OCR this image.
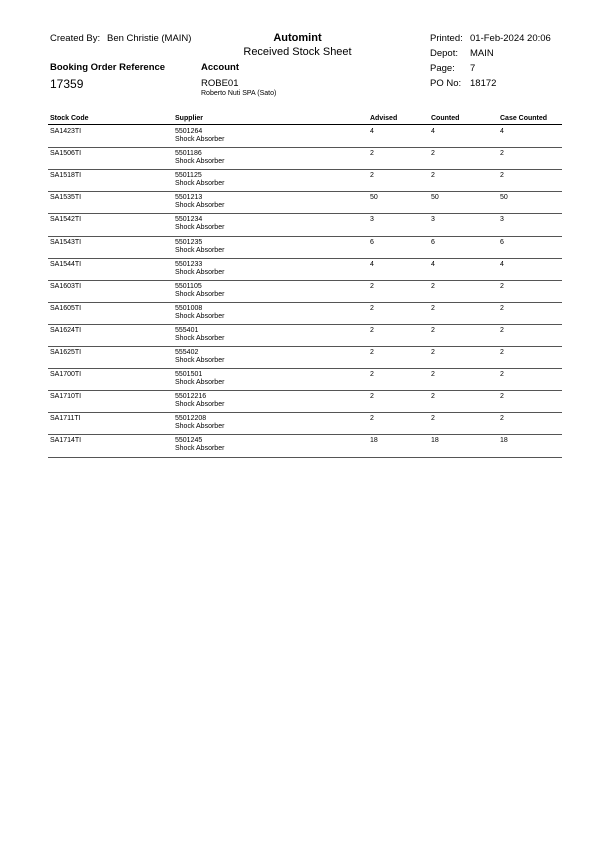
Created By: Ben Christie (MAIN)	Automint
Received Stock Sheet
Printed: 01-Feb-2024 20:06
Depot: MAIN
Page: 7
PO No: 18172
Booking Order Reference
17359
Account
ROBE01
Roberto Nuti SPA (Sato)
Stock Code	Supplier	Advised	Counted	Case Counted
SA1423TI	5501264
Shock Absorber
4	4	4
SA1506TI	5501186
Shock Absorber
2	2	2
SA1518TI	5501125
Shock Absorber
2	2	2
SA1535TI	5501213
Shock Absorber
50	50	50
SA1542TI	5501234
Shock Absorber
3	3	3
SA1543TI	5501235
Shock Absorber
6	6	6
SA1544TI	5501233
Shock Absorber
4	4	4
SA1603TI	5501105
Shock Absorber
2	2	2
SA1605TI	5501008
Shock Absorber
2	2	2
SA1624TI	555401
Shock Absorber
2	2	2
SA1625TI	555402
Shock Absorber
2	2	2
SA1700TI	5501501
Shock Absorber
2	2	2
SA1710TI	55012216
Shock Absorber
2	2	2
SA1711TI	55012208
Shock Absorber
2	2	2
SA1714TI	5501245
Shock Absorber
18	18	18
